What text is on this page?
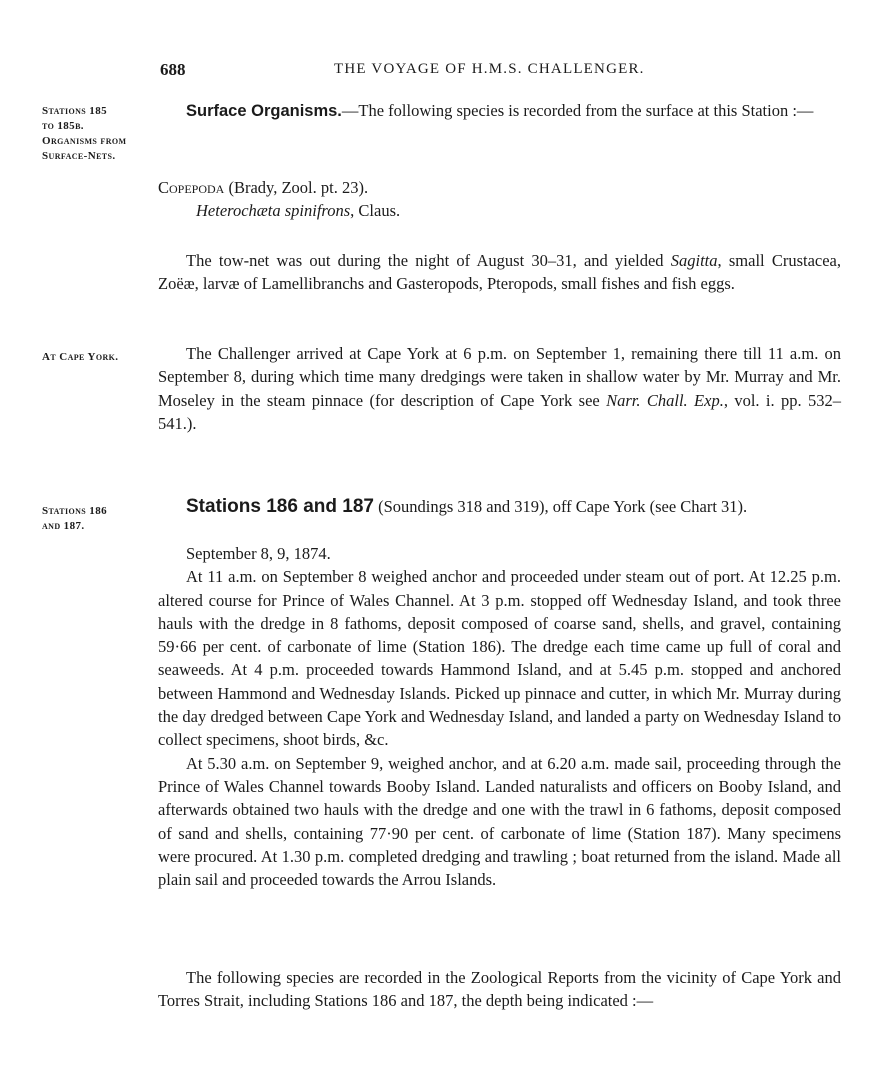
688	THE VOYAGE OF H.M.S. CHALLENGER.
Stations 185
to 185b.
Organisms from
Surface-Nets.

Surface Organisms.—The following species is recorded from the surface at this Station :—

Copepoda (Brady, Zool. pt. 23).

Heterochæta spinifrons, Claus.

The tow-net was out during the night of August 30–31, and yielded Sagitta, small Crustacea, Zoëæ, larvæ of Lamellibranchs and Gasteropods, Pteropods, small fishes and fish eggs.

At Cape York.	The Challenger arrived at Cape York at 6 p.m. on September 1, remaining there till 11 a.m. on September 8, during which time many dredgings were taken in shallow water by Mr. Murray and Mr. Moseley in the steam pinnace (for description of Cape York see Narr. Chall. Exp., vol. i. pp. 532–541.).

Stations 186
and 187.
Stations 186 and 187 (Soundings 318 and 319), off Cape York (see Chart 31).

September 8, 9, 1874.

At 11 a.m. on September 8 weighed anchor and proceeded under steam out of port. At 12.25 p.m. altered course for Prince of Wales Channel. At 3 p.m. stopped off Wednesday Island, and took three hauls with the dredge in 8 fathoms, deposit composed of coarse sand, shells, and gravel, containing 59·66 per cent. of carbonate of lime (Station 186). The dredge each time came up full of coral and seaweeds. At 4 p.m. proceeded towards Hammond Island, and at 5.45 p.m. stopped and anchored between Hammond and Wednesday Islands. Picked up pinnace and cutter, in which Mr. Murray during the day dredged between Cape York and Wednesday Island, and landed a party on Wednesday Island to collect specimens, shoot birds, &c.

At 5.30 a.m. on September 9, weighed anchor, and at 6.20 a.m. made sail, proceeding through the Prince of Wales Channel towards Booby Island. Landed naturalists and officers on Booby Island, and afterwards obtained two hauls with the dredge and one with the trawl in 6 fathoms, deposit composed of sand and shells, containing 77·90 per cent. of carbonate of lime (Station 187). Many specimens were procured. At 1.30 p.m. completed dredging and trawling ; boat returned from the island. Made all plain sail and proceeded towards the Arrou Islands.

The following species are recorded in the Zoological Reports from the vicinity of Cape York and Torres Strait, including Stations 186 and 187, the depth being indicated :—
